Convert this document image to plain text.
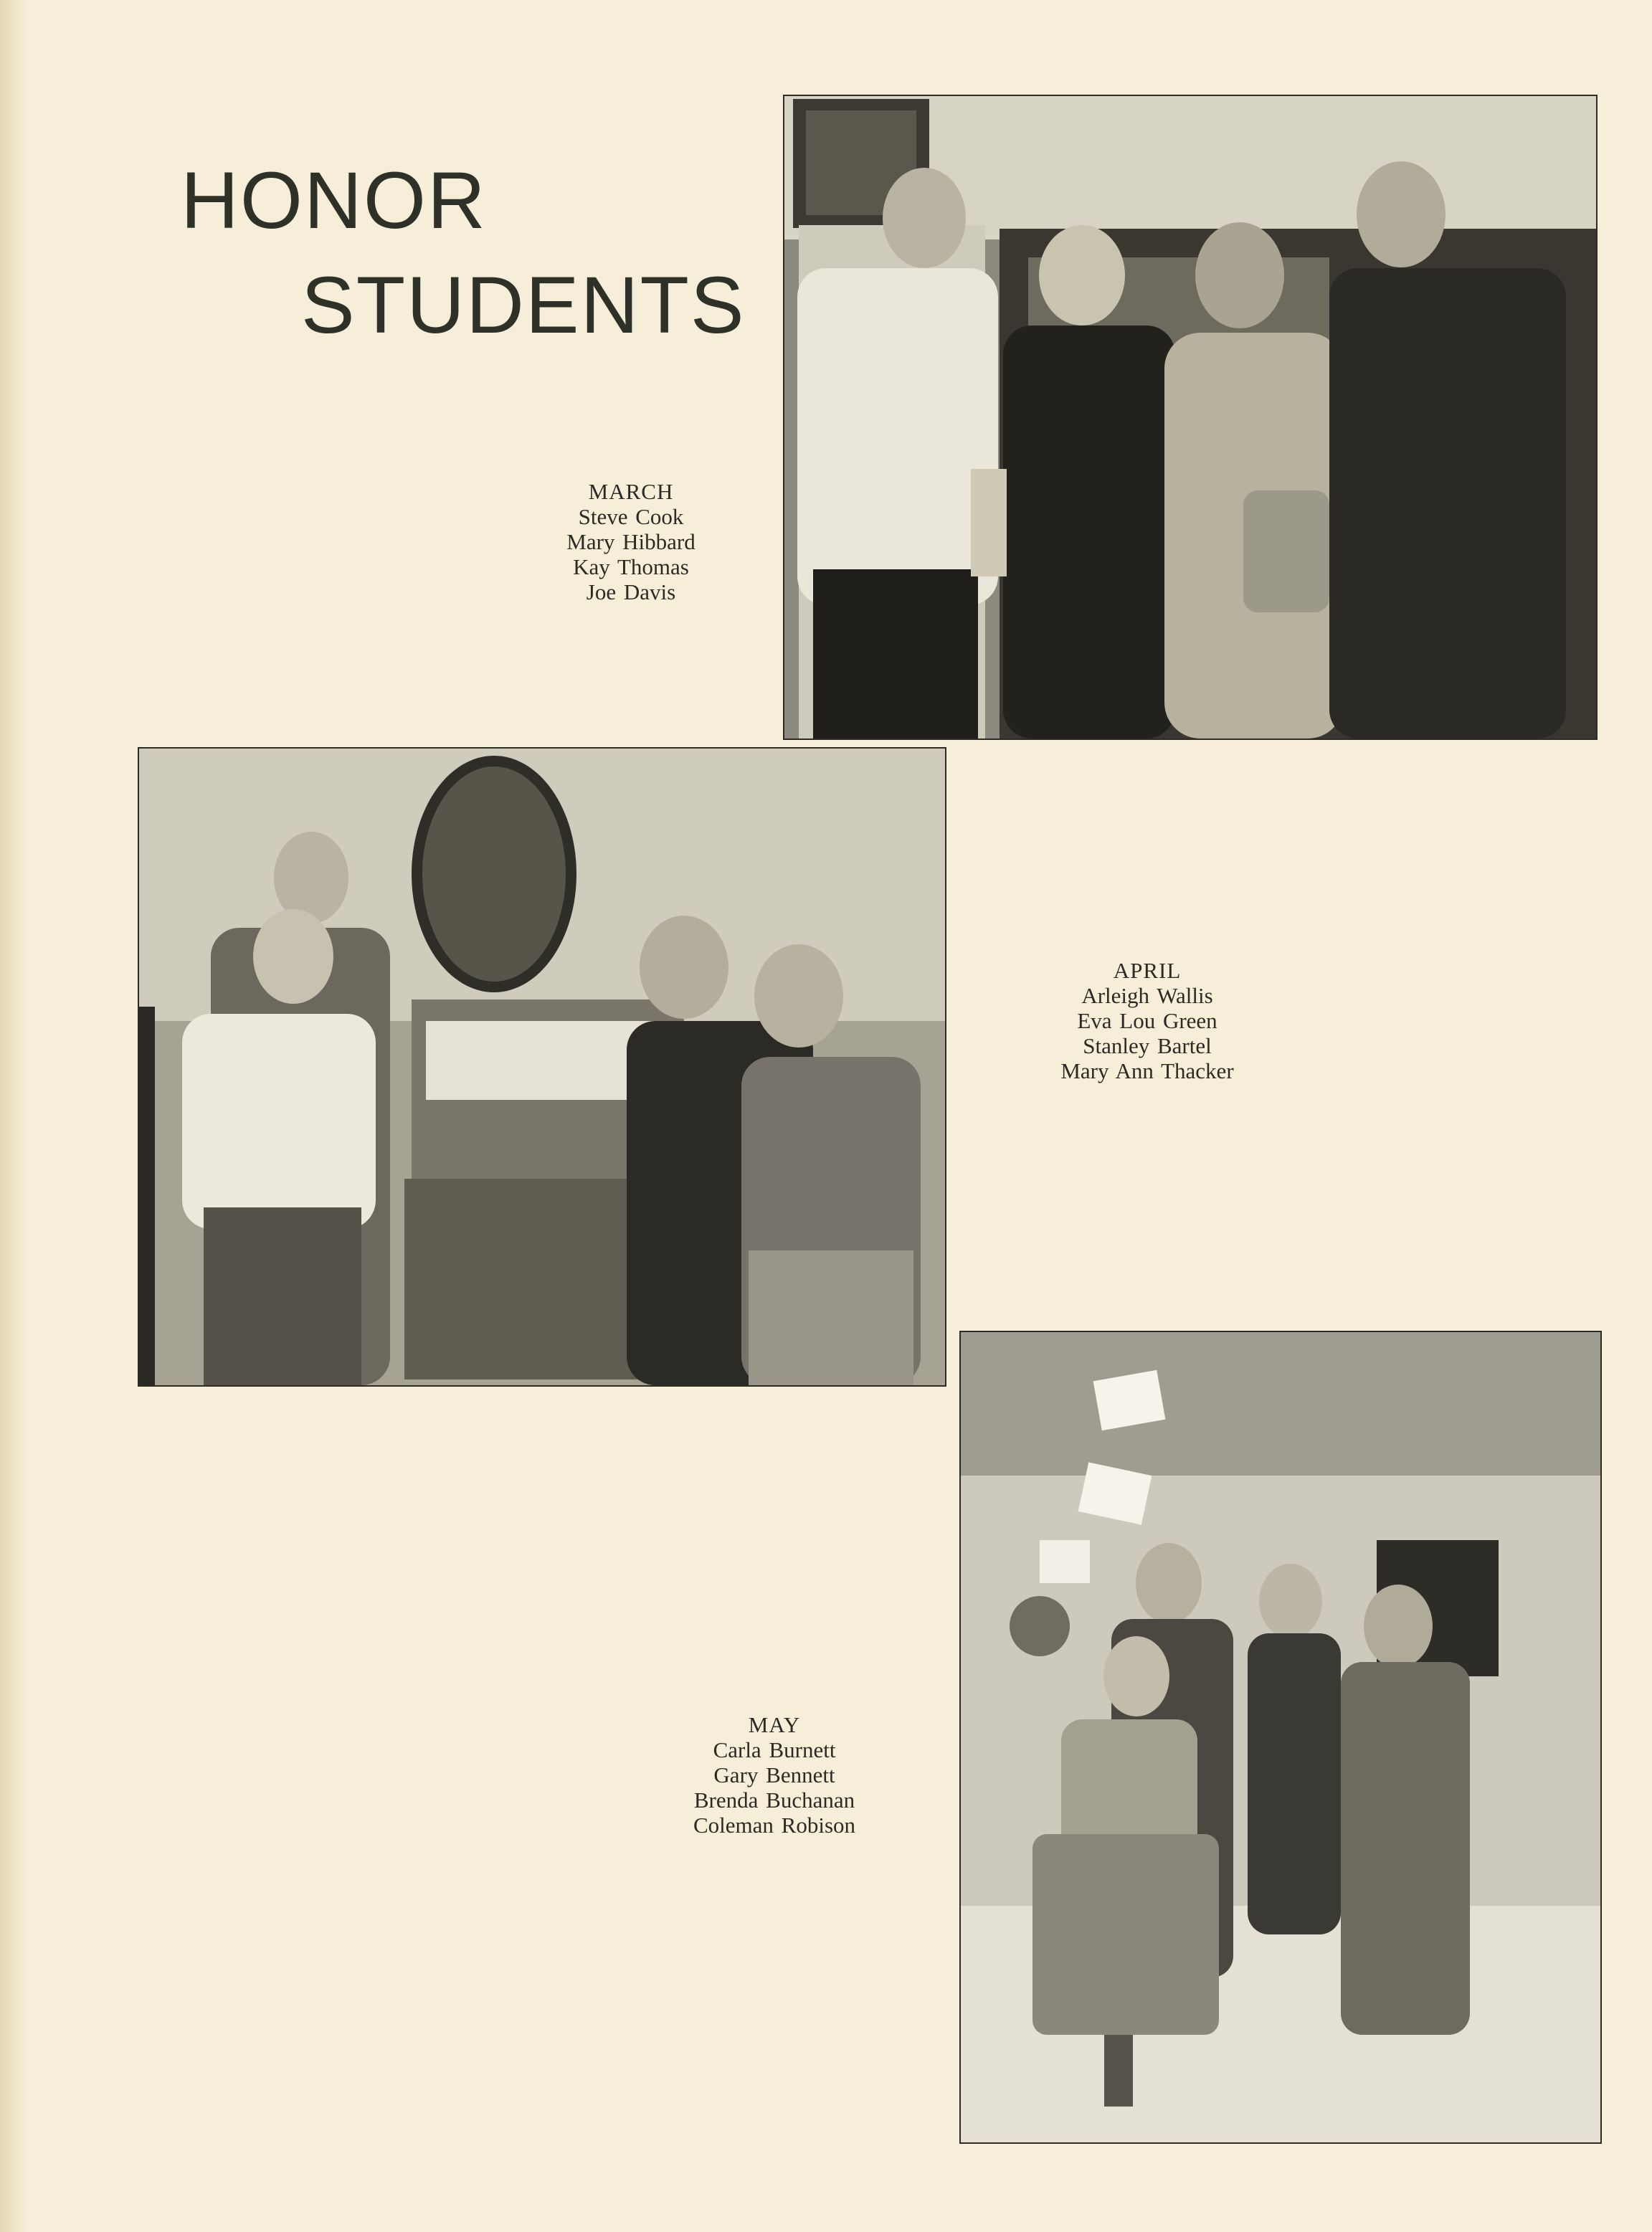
HONOR
STUDENTS
MARCH
Steve Cook
Mary Hibbard
Kay Thomas
Joe Davis
APRIL
Arleigh Wallis
Eva Lou Green
Stanley Bartel
Mary Ann Thacker
MAY
Carla Burnett
Gary Bennett
Brenda Buchanan
Coleman Robison
